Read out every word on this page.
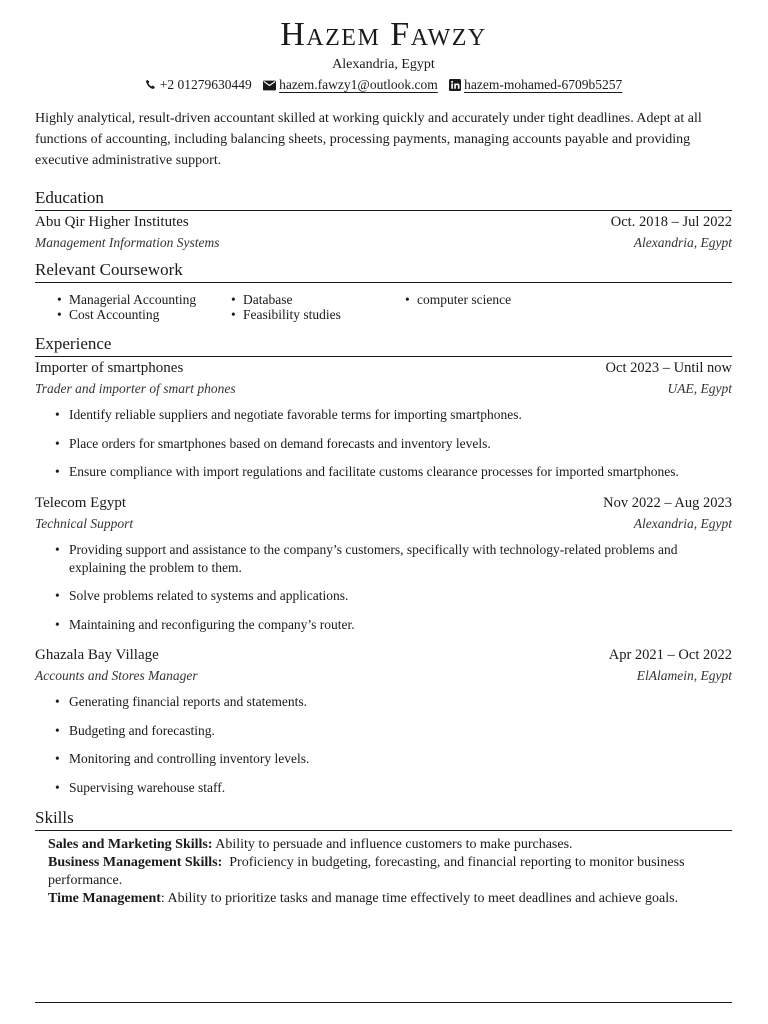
Hazem Fawzy
Alexandria, Egypt
+2 01279630449 hazem.fawzy1@outlook.com hazem-mohamed-6709b5257
Highly analytical, result-driven accountant skilled at working quickly and accurately under tight deadlines. Adept at all functions of accounting, including balancing sheets, processing payments, managing accounts payable and providing executive administrative support.
Education
Abu Qir Higher Institutes	Oct. 2018 – Jul 2022
Management Information Systems	Alexandria, Egypt
Relevant Coursework
• Managerial Accounting
• Cost Accounting
• Database
• Feasibility studies
• computer science
Experience
Importer of smartphones	Oct 2023 – Until now
Trader and importer of smart phones	UAE, Egypt
• Identify reliable suppliers and negotiate favorable terms for importing smartphones.
• Place orders for smartphones based on demand forecasts and inventory levels.
• Ensure compliance with import regulations and facilitate customs clearance processes for imported smartphones.
Telecom Egypt	Nov 2022 – Aug 2023
Technical Support	Alexandria, Egypt
• Providing support and assistance to the company’s customers, specifically with technology-related problems and explaining the problem to them.
• Solve problems related to systems and applications.
• Maintaining and reconfiguring the company’s router.
Ghazala Bay Village	Apr 2021 – Oct 2022
Accounts and Stores Manager	ElAlamein, Egypt
• Generating financial reports and statements.
• Budgeting and forecasting.
• Monitoring and controlling inventory levels.
• Supervising warehouse staff.
Skills
Sales and Marketing Skills: Ability to persuade and influence customers to make purchases.
Business Management Skills: Proficiency in budgeting, forecasting, and financial reporting to monitor business performance.
Time Management: Ability to prioritize tasks and manage time effectively to meet deadlines and achieve goals.
